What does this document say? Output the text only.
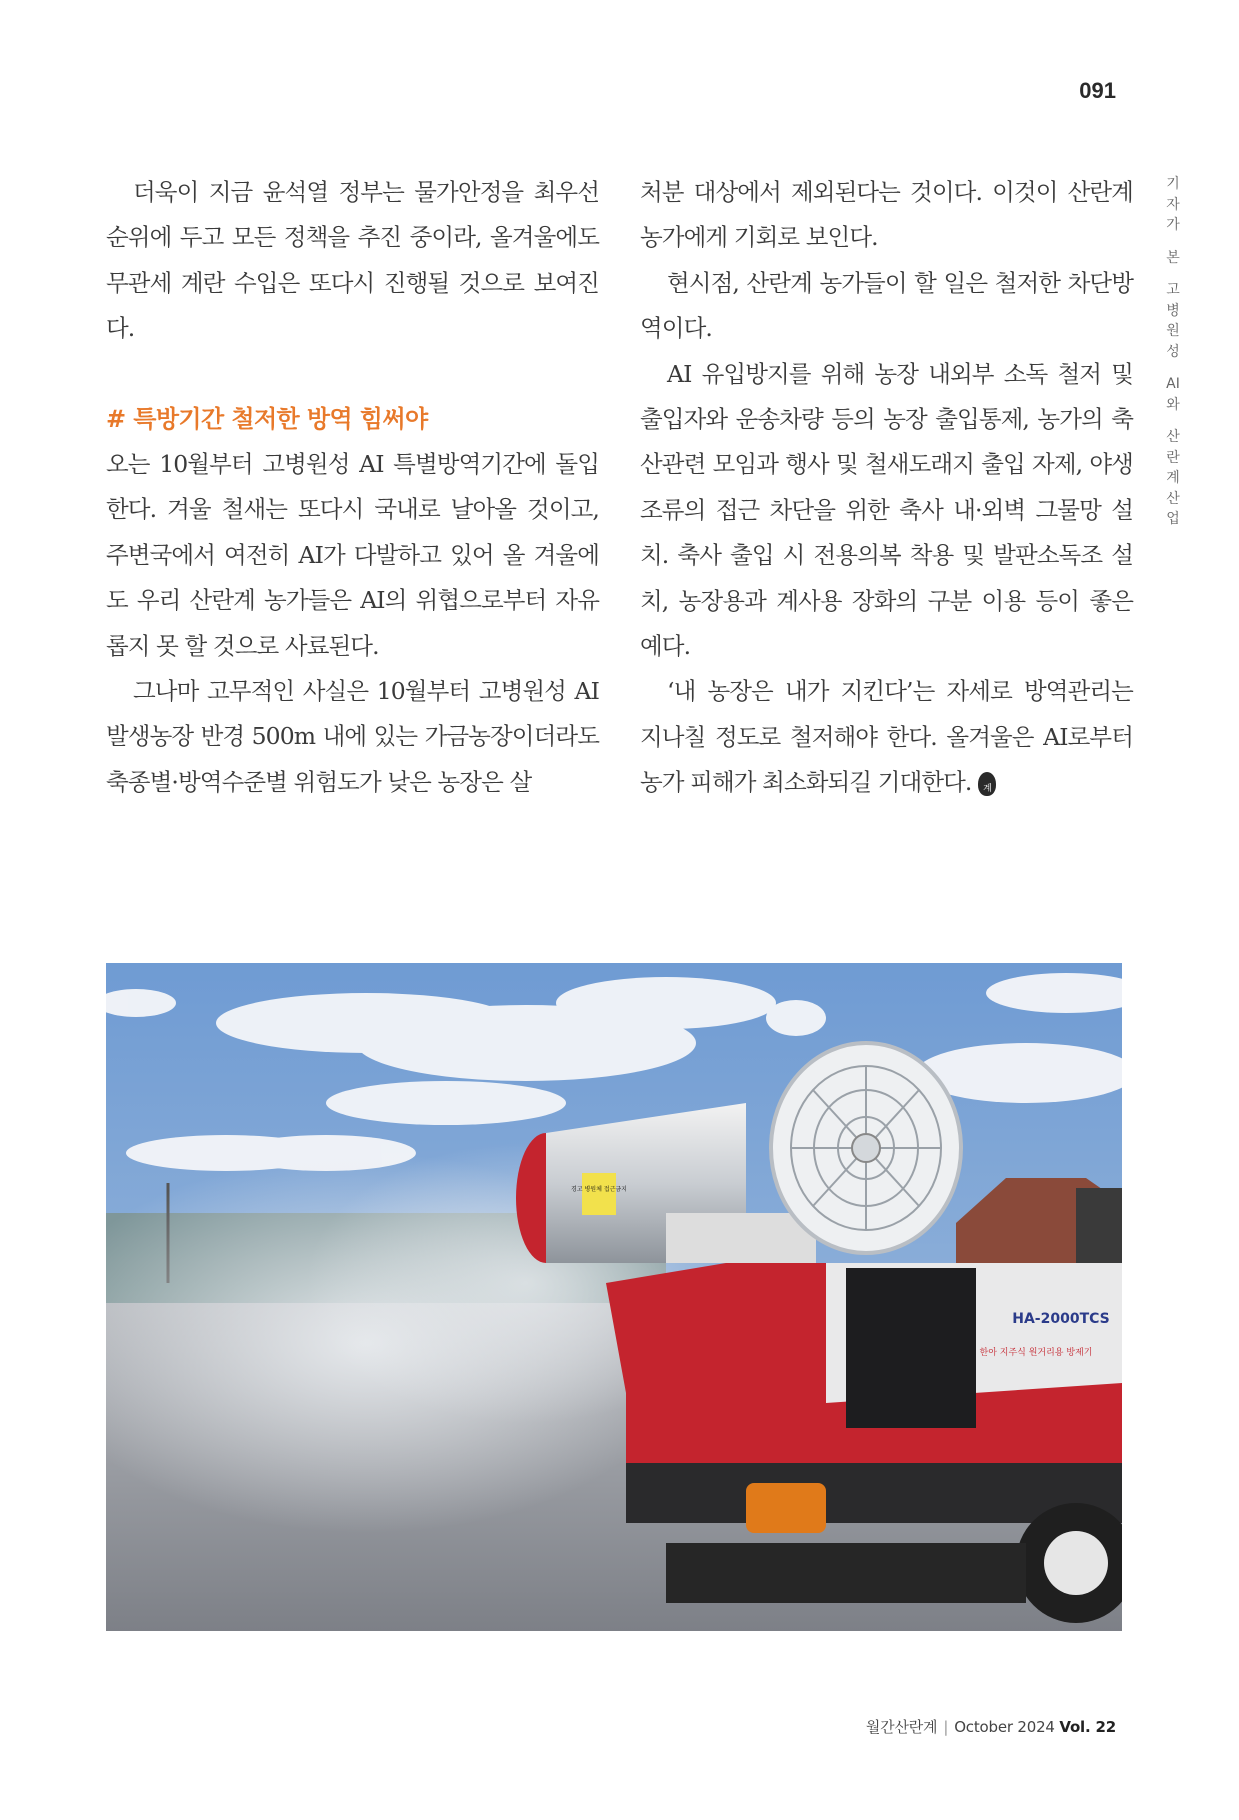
091

더욱이 지금 윤석열 정부는 물가안정을 최우선 순위에 두고 모든 정책을 추진 중이라, 올겨울에도 무관세 계란 수입은 또다시 진행될 것으로 보여진다.

# 특방기간 철저한 방역 힘써야

오는 10월부터 고병원성 AI 특별방역기간에 돌입한다. 겨울 철새는 또다시 국내로 날아올 것이고, 주변국에서 여전히 AI가 다발하고 있어 올 겨울에도 우리 산란계 농가들은 AI의 위협으로부터 자유롭지 못 할 것으로 사료된다.

그나마 고무적인 사실은 10월부터 고병원성 AI 발생농장 반경 500m 내에 있는 가금농장이더라도 축종별·방역수준별 위험도가 낮은 농장은 살

처분 대상에서 제외된다는 것이다. 이것이 산란계 농가에게 기회로 보인다.

현시점, 산란계 농가들이 할 일은 철저한 차단방역이다.

AI 유입방지를 위해 농장 내외부 소독 철저 및 출입자와 운송차량 등의 농장 출입통제, 농가의 축산관련 모임과 행사 및 철새도래지 출입 자제, 야생조류의 접근 차단을 위한 축사 내·외벽 그물망 설치. 축사 출입 시 전용의복 착용 및 발판소독조 설치, 농장용과 계사용 장화의 구분 이용 등이 좋은 예다.

‘내 농장은 내가 지킨다’는 자세로 방역관리는 지나칠 정도로 철저해야 한다. 올겨울은 AI로부터 농가 피해가 최소화되길 기대한다.	양계

기
자
가
본
고
병
원
성
AI
와
산
란
계
산
업
HA-2000TCS
한아 지주식 원거리용 방제기
경고 병원체 접근금지
월간산란계 | October 2024 Vol. 22
